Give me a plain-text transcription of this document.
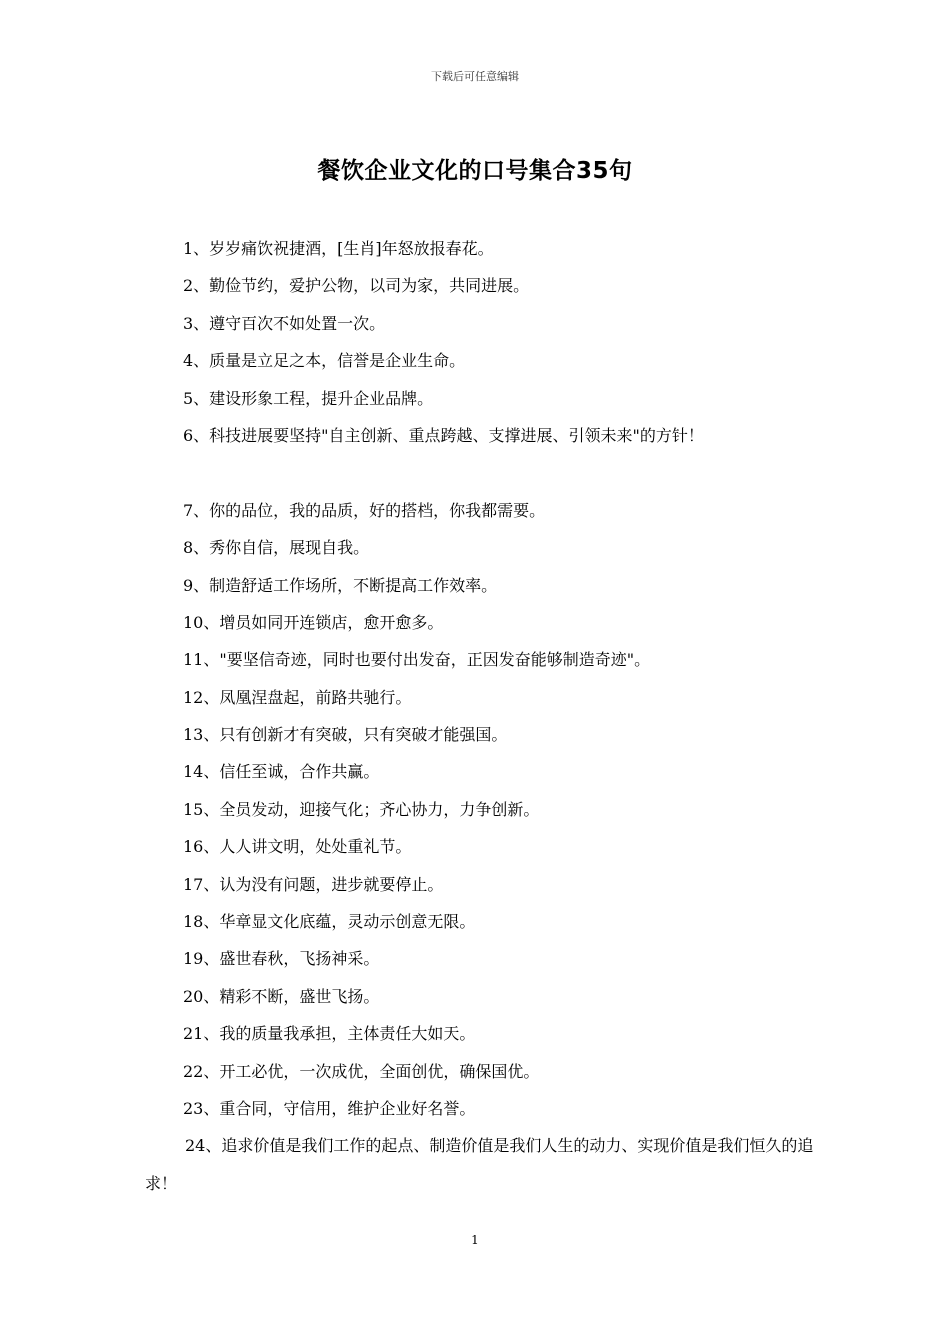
下载后可任意编辑
餐饮企业文化的口号集合35句
1、岁岁痛饮祝捷酒，[生肖]年怒放报春花。
2、勤俭节约，爱护公物，以司为家，共同进展。
3、遵守百次不如处置一次。
4、质量是立足之本，信誉是企业生命。
5、建设形象工程，提升企业品牌。
6、科技进展要坚持"自主创新、重点跨越、支撑进展、引领未来"的方针！
7、你的品位，我的品质，好的搭档，你我都需要。
8、秀你自信，展现自我。
9、制造舒适工作场所，不断提高工作效率。
10、增员如同开连锁店，愈开愈多。
11、"要坚信奇迹，同时也要付出发奋，正因发奋能够制造奇迹"。
12、凤凰涅盘起，前路共驰行。
13、只有创新才有突破，只有突破才能强国。
14、信任至诚，合作共赢。
15、全员发动，迎接气化；齐心协力，力争创新。
16、人人讲文明，处处重礼节。
17、认为没有问题，进步就要停止。
18、华章显文化底蕴，灵动示创意无限。
19、盛世春秋，飞扬神采。
20、精彩不断，盛世飞扬。
21、我的质量我承担，主体责任大如天。
22、开工必优，一次成优，全面创优，确保国优。
23、重合同，守信用，维护企业好名誉。
24、追求价值是我们工作的起点、制造价值是我们人生的动力、实现价值是我们恒久的追求！
1
